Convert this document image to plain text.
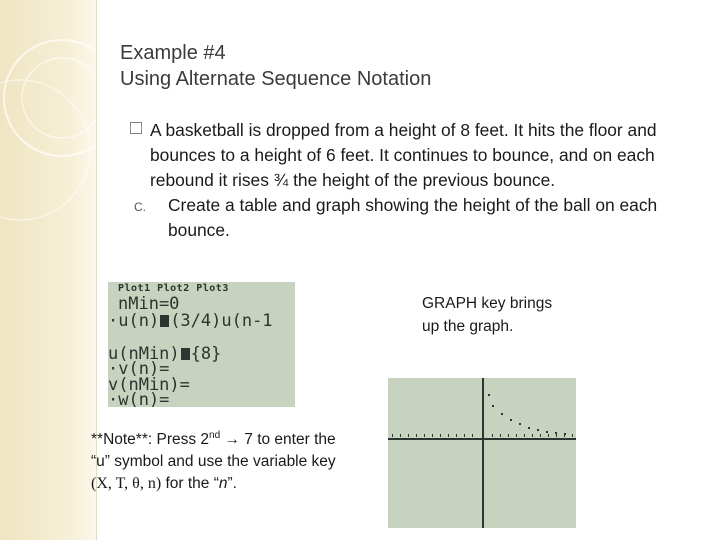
Example #4
Using Alternate Sequence Notation
A basketball is dropped from a height of 8 feet. It hits the floor and bounces to a height of 6 feet. It continues to bounce, and on each rebound it rises ¾ the height of the previous bounce.
C. Create a table and graph showing the height of the ball on each bounce.
Plot1 Plot2 Plot3
nMin=0
·u(n) (3/4)u(n-1
u(nMin) {8}
·v(n)=
v(nMin)=
·w(n)=
GRAPH key brings up the graph.
**Note**: Press 2nd → 7 to enter the “u” symbol and use the variable key (X, T, θ, n) for the “n”.
